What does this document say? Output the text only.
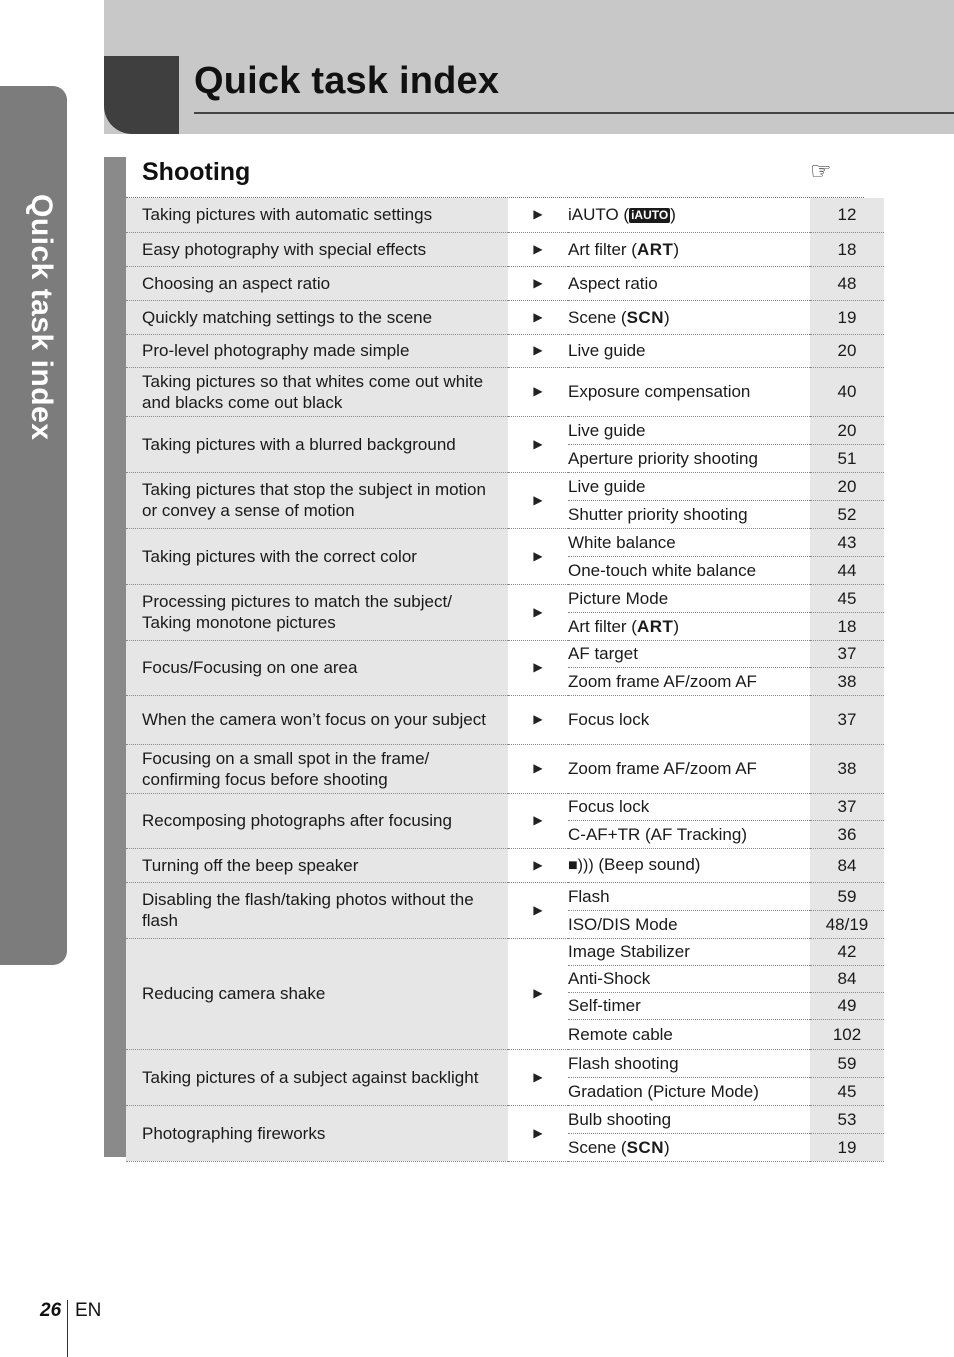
Quick task index
Quick task index
Shooting	☞
Taking pictures with automatic settings	▶	iAUTO ( iAUTO )	12
Easy photography with special effects	▶	Art filter (ART)	18
Choosing an aspect ratio	▶	Aspect ratio	48
Quickly matching settings to the scene	▶	Scene (SCN)	19
Pro-level photography made simple	▶	Live guide	20
Taking pictures so that whites come out white and blacks come out black	▶	Exposure compensation	40
Taking pictures with a blurred background	▶	Live guide	20
		Aperture priority shooting	51
Taking pictures that stop the subject in motion or convey a sense of motion	▶	Live guide	20
		Shutter priority shooting	52
Taking pictures with the correct color	▶	White balance	43
		One-touch white balance	44
Processing pictures to match the subject/ Taking monotone pictures	▶	Picture Mode	45
		Art filter (ART)	18
Focus/Focusing on one area	▶	AF target	37
		Zoom frame AF/zoom AF	38
When the camera won’t focus on your subject	▶	Focus lock	37
Focusing on a small spot in the frame/ confirming focus before shooting	▶	Zoom frame AF/zoom AF	38
Recomposing photographs after focusing	▶	Focus lock	37
		C-AF+TR (AF Tracking)	36
Turning off the beep speaker	▶	■))) (Beep sound)	84
Disabling the flash/taking photos without the flash	▶	Flash	59
		ISO/DIS Mode	48/19
Reducing camera shake	▶	Image Stabilizer	42
		Anti-Shock	84
		Self-timer	49
		Remote cable	102
Taking pictures of a subject against backlight	▶	Flash shooting	59
		Gradation (Picture Mode)	45
Photographing fireworks	▶	Bulb shooting	53
		Scene (SCN)	19
26 EN
